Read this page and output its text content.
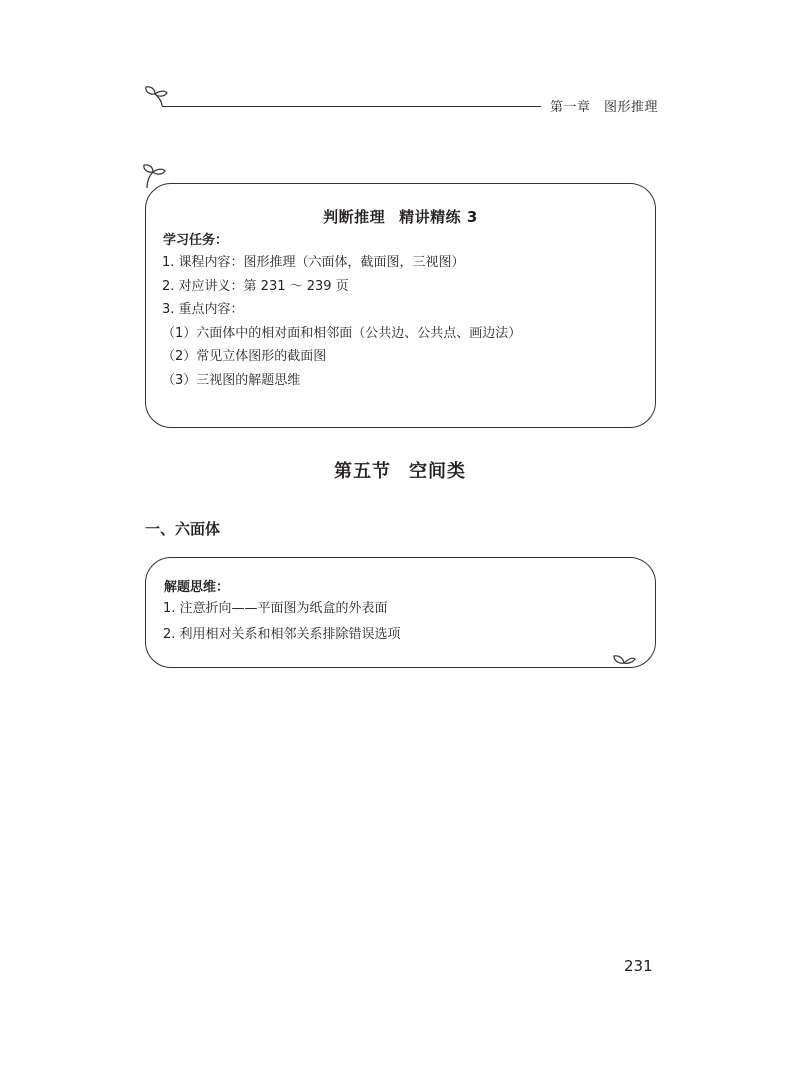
第一章　图形推理
判断推理 精讲精练 3
学习任务：
1. 课程内容：图形推理（六面体，截面图，三视图）
2. 对应讲义：第 231 ～ 239 页
3. 重点内容：
（1）六面体中的相对面和相邻面（公共边、公共点、画边法）
（2）常见立体图形的截面图
（3）三视图的解题思维
第五节 空间类
一、六面体
解题思维：
1. 注意折向——平面图为纸盒的外表面
2. 利用相对关系和相邻关系排除错误选项
231
